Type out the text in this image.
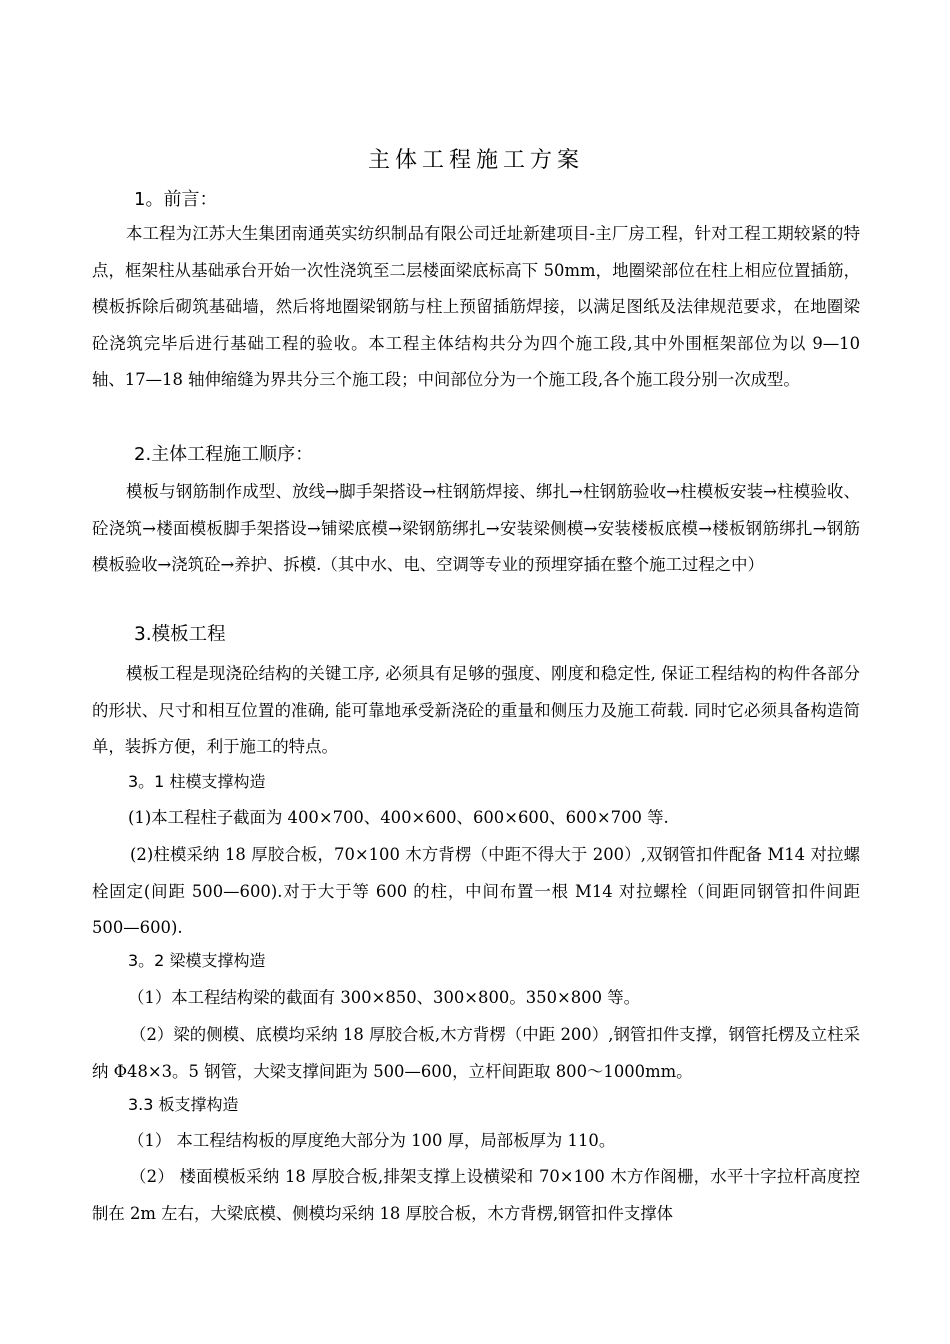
主体工程施工方案
1。前言：

本工程为江苏大生集团南通英实纺织制品有限公司迁址新建项目-主厂房工程，针对工程工期较紧的特点，框架柱从基础承台开始一次性浇筑至二层楼面梁底标高下 50mm，地圈梁部位在柱上相应位置插筋，模板拆除后砌筑基础墙，然后将地圈梁钢筋与柱上预留插筋焊接，以满足图纸及法律规范要求，在地圈梁砼浇筑完毕后进行基础工程的验收。本工程主体结构共分为四个施工段,其中外围框架部位为以 9—10 轴、17—18 轴伸缩缝为界共分三个施工段；中间部位分为一个施工段,各个施工段分别一次成型。

2.主体工程施工顺序：

模板与钢筋制作成型、放线→脚手架搭设→柱钢筋焊接、绑扎→柱钢筋验收→柱模板安装→柱模验收、砼浇筑→楼面模板脚手架搭设→铺梁底模→梁钢筋绑扎→安装梁侧模→安装楼板底模→楼板钢筋绑扎→钢筋模板验收→浇筑砼→养护、拆模.（其中水、电、空调等专业的预埋穿插在整个施工过程之中）

3.模板工程

模板工程是现浇砼结构的关键工序, 必须具有足够的强度、刚度和稳定性, 保证工程结构的构件各部分的形状、尺寸和相互位置的准确, 能可靠地承受新浇砼的重量和侧压力及施工荷载. 同时它必须具备构造简单，装拆方便，利于施工的特点。

3。1 柱模支撑构造

(1)本工程柱子截面为 400×700、400×600、600×600、600×700 等.

(2)柱模采纳 18 厚胶合板，70×100 木方背楞（中距不得大于 200）,双钢管扣件配备 M14 对拉螺栓固定(间距 500—600).对于大于等 600 的柱，中间布置一根 M14 对拉螺栓（间距同钢管扣件间距 500—600).

3。2 梁模支撑构造

（1）本工程结构梁的截面有 300×850、300×800。350×800 等。

（2）梁的侧模、底模均采纳 18 厚胶合板,木方背楞（中距 200）,钢管扣件支撑，钢管托楞及立柱采纳 Φ48×3。5 钢管，大梁支撑间距为 500—600，立杆间距取 800～1000mm。

3.3 板支撑构造

（1） 本工程结构板的厚度绝大部分为 100 厚，局部板厚为 110。

（2） 楼面模板采纳 18 厚胶合板,排架支撑上设横梁和 70×100 木方作阁栅，水平十字拉杆高度控制在 2m 左右，大梁底模、侧模均采纳 18 厚胶合板，木方背楞,钢管扣件支撑体
